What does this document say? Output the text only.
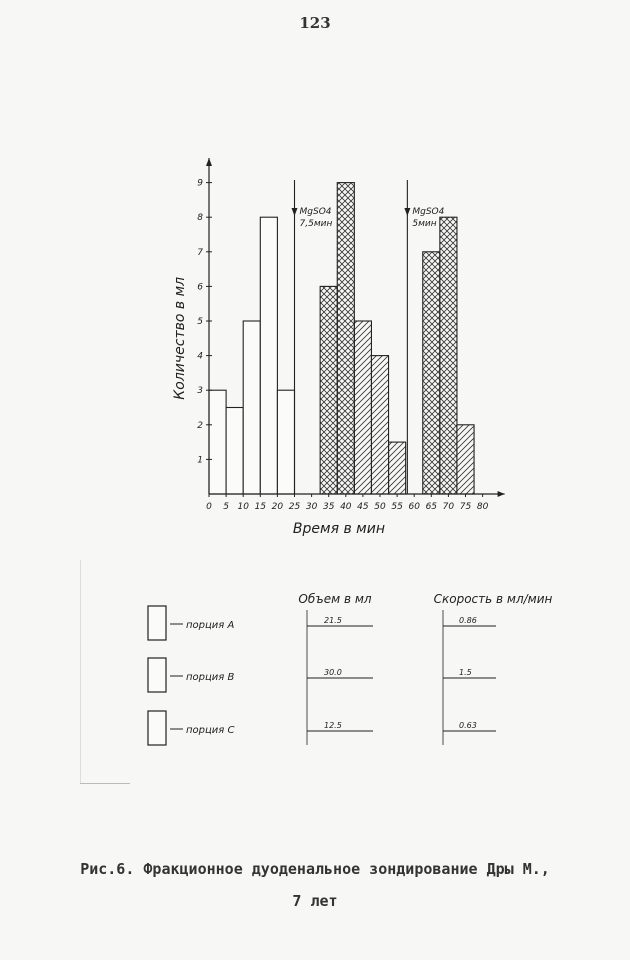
123
0 5 10 15 20 25 30 35 40 45 50 55 60 65 70 75 80
1
2
3
4
5
6
7
8
9
Количество в мл
Время в мин
MgSO4
7,5мин
MgSO4
5мин
Объем в мл	Скорость в мл/мин
порция A	21.5	0.86
порция B	30.0	1.5
порция C	12.5	0.63
Рис.6. Фракционное дуоденальное зондирование Дры М.,
7 лет
